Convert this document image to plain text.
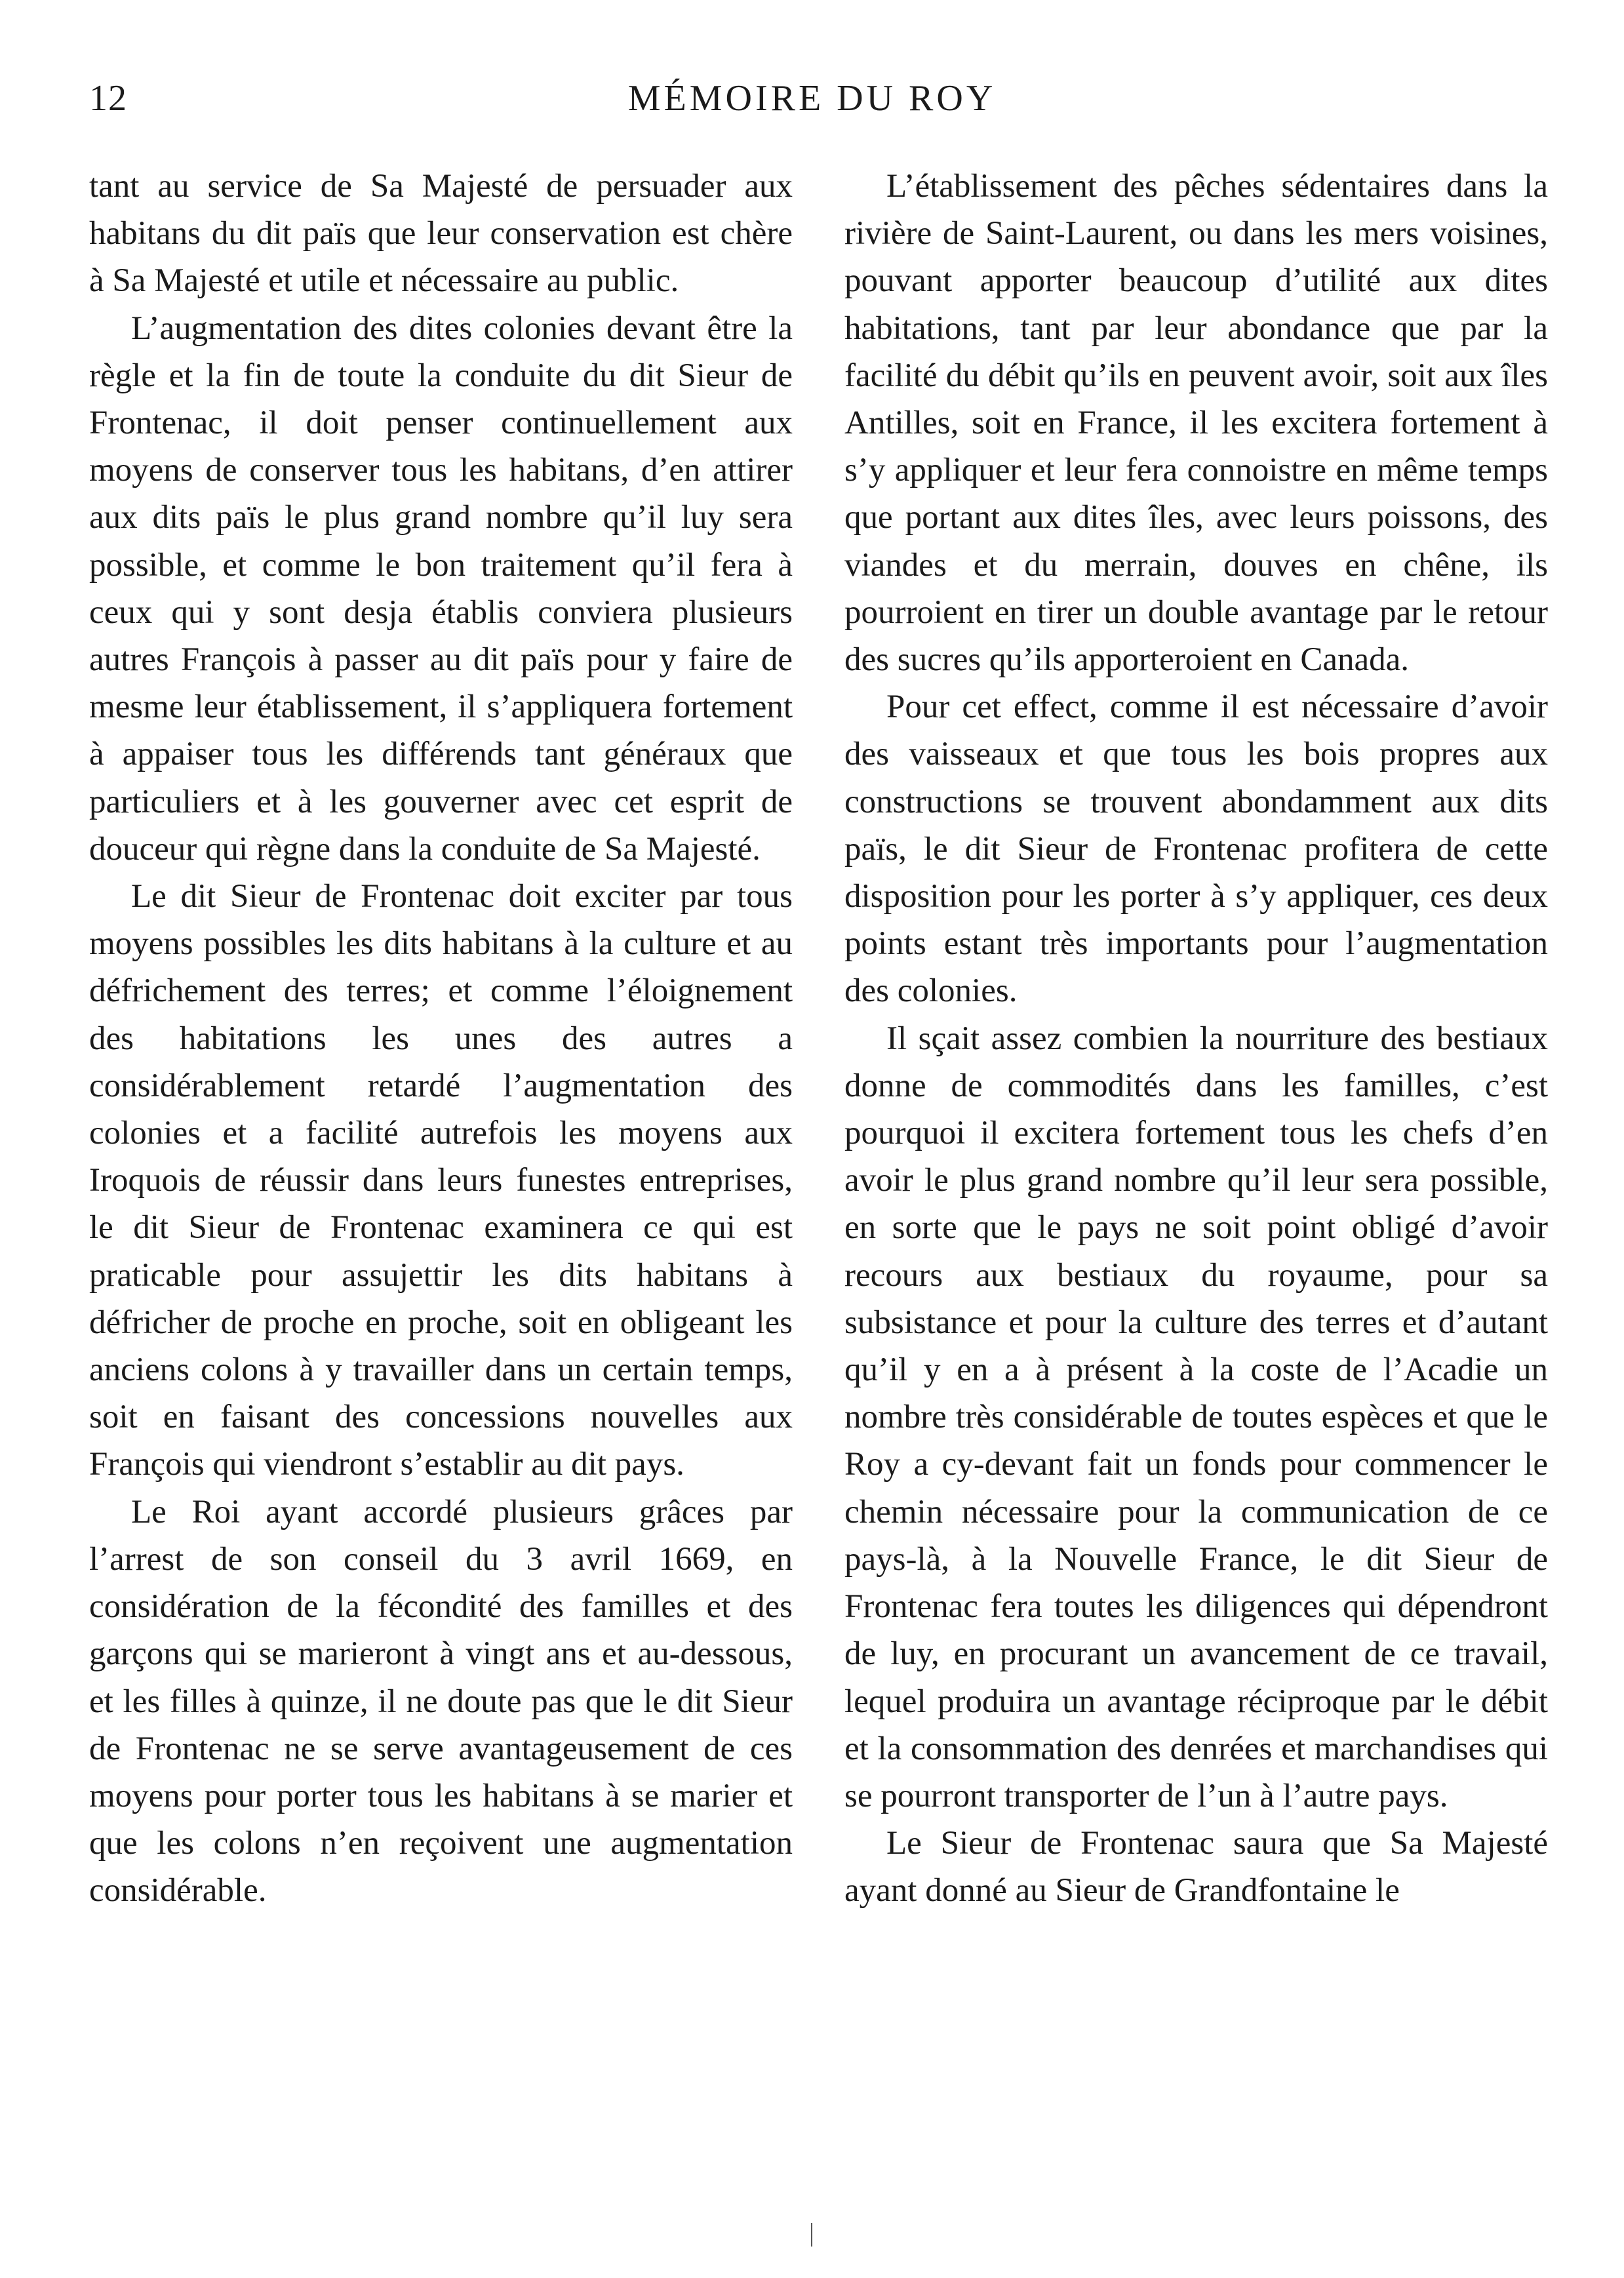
12	MÉMOIRE DU ROY

tant au service de Sa Majesté de persuader aux habitans du dit païs que leur conservation est chère à Sa Majesté et utile et nécessaire au public.

L’augmentation des dites colonies devant être la règle et la fin de toute la conduite du dit Sieur de Frontenac, il doit penser continuellement aux moyens de conserver tous les habitans, d’en attirer aux dits païs le plus grand nombre qu’il luy sera possible, et comme le bon traitement qu’il fera à ceux qui y sont desja établis conviera plusieurs autres François à passer au dit païs pour y faire de mesme leur établissement, il s’appliquera fortement à appaiser tous les différends tant généraux que particuliers et à les gouverner avec cet esprit de douceur qui règne dans la conduite de Sa Majesté.

Le dit Sieur de Frontenac doit exciter par tous moyens possibles les dits habitans à la culture et au défrichement des terres; et comme l’éloignement des habitations les unes des autres a considérablement retardé l’augmentation des colonies et a facilité autrefois les moyens aux Iroquois de réussir dans leurs funestes entreprises, le dit Sieur de Frontenac examinera ce qui est praticable pour assujettir les dits habitans à défricher de proche en proche, soit en obligeant les anciens colons à y travailler dans un certain temps, soit en faisant des concessions nouvelles aux François qui viendront s’establir au dit pays.

Le Roi ayant accordé plusieurs grâces par l’arrest de son conseil du 3 avril 1669, en considération de la fécondité des familles et des garçons qui se marieront à vingt ans et au-dessous, et les filles à quinze, il ne doute pas que le dit Sieur de Frontenac ne se serve avantageusement de ces moyens pour porter tous les habitans à se marier et que les colons n’en reçoivent une augmentation considérable.

L’établissement des pêches sédentaires dans la rivière de Saint-Laurent, ou dans les mers voisines, pouvant apporter beaucoup d’utilité aux dites habitations, tant par leur abondance que par la facilité du débit qu’ils en peuvent avoir, soit aux îles Antilles, soit en France, il les excitera fortement à s’y appliquer et leur fera connoistre en même temps que portant aux dites îles, avec leurs poissons, des viandes et du merrain, douves en chêne, ils pourroient en tirer un double avantage par le retour des sucres qu’ils apporteroient en Canada.

Pour cet effect, comme il est nécessaire d’avoir des vaisseaux et que tous les bois propres aux constructions se trouvent abondamment aux dits païs, le dit Sieur de Frontenac profitera de cette disposition pour les porter à s’y appliquer, ces deux points estant très importants pour l’augmentation des colonies.

Il sçait assez combien la nourriture des bestiaux donne de commodités dans les familles, c’est pourquoi il excitera fortement tous les chefs d’en avoir le plus grand nombre qu’il leur sera possible, en sorte que le pays ne soit point obligé d’avoir recours aux bestiaux du royaume, pour sa subsistance et pour la culture des terres et d’autant qu’il y en a à présent à la coste de l’Acadie un nombre très considérable de toutes espèces et que le Roy a cy-devant fait un fonds pour commencer le chemin nécessaire pour la communication de ce pays-là, à la Nouvelle France, le dit Sieur de Frontenac fera toutes les diligences qui dépendront de luy, en procurant un avancement de ce travail, lequel produira un avantage réciproque par le débit et la consommation des denrées et marchandises qui se pourront transporter de l’un à l’autre pays.

Le Sieur de Frontenac saura que Sa Majesté ayant donné au Sieur de Grandfontaine le
